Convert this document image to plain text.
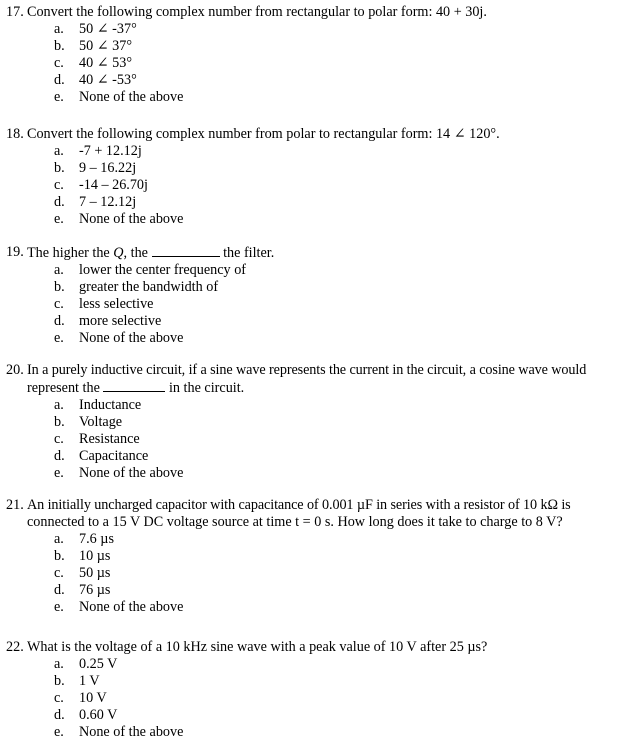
17. Convert the following complex number from rectangular to polar form: 40 + 30j.
a. 50 ∠ -37°
b. 50 ∠ 37°
c. 40 ∠ 53°
d. 40 ∠ -53°
e. None of the above
18. Convert the following complex number from polar to rectangular form: 14 ∠ 120°.
a. -7 + 12.12j
b. 9 – 16.22j
c. -14 – 26.70j
d. 7 – 12.12j
e. None of the above
19. The higher the Q, the	the filter.
a. lower the center frequency of
b. greater the bandwidth of
c. less selective
d. more selective
e. None of the above
20. In a purely inductive circuit, if a sine wave represents the current in the circuit, a cosine wave would
represent the	in the circuit.
a. Inductance
b. Voltage
c. Resistance
d. Capacitance
e. None of the above
21. An initially uncharged capacitor with capacitance of 0.001 µF in series with a resistor of 10 kΩ is
connected to a 15 V DC voltage source at time t = 0 s. How long does it take to charge to 8 V?
a. 7.6 µs
b. 10 µs
c. 50 µs
d. 76 µs
e. None of the above
22. What is the voltage of a 10 kHz sine wave with a peak value of 10 V after 25 µs?
a. 0.25 V
b. 1 V
c. 10 V
d. 0.60 V
e. None of the above
